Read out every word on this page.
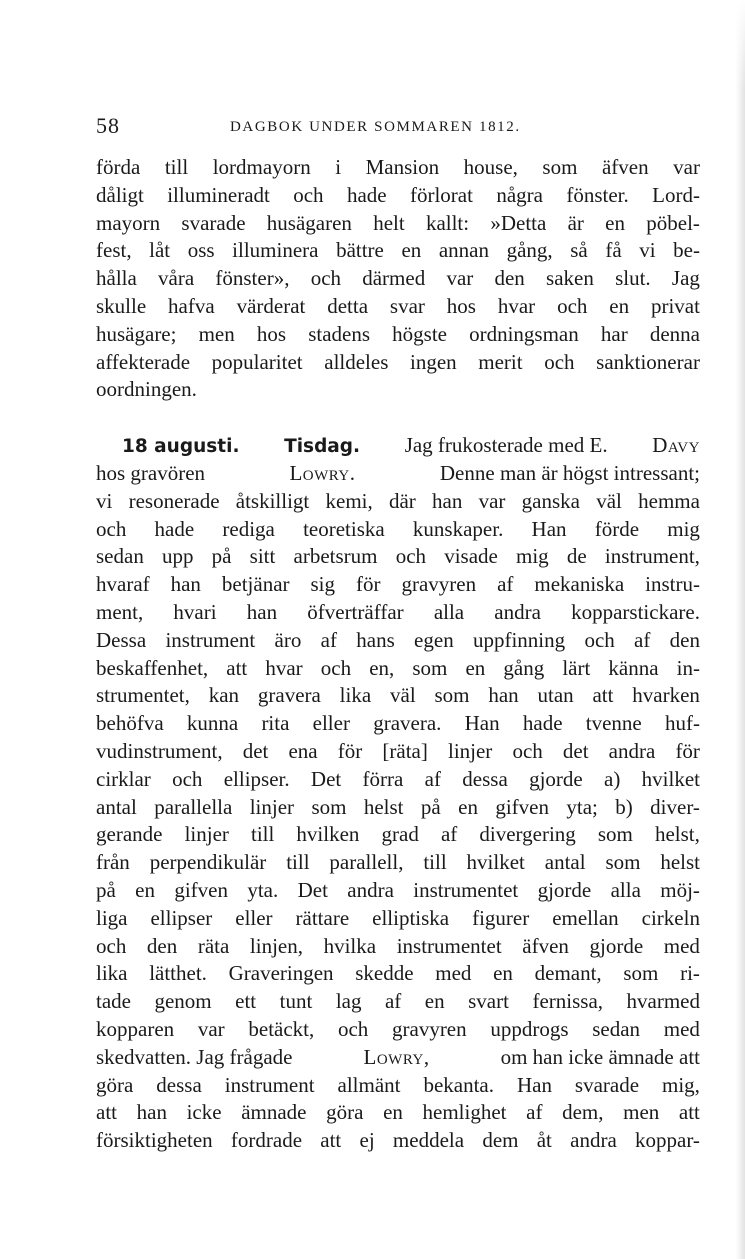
58	DAGBOK UNDER SOMMAREN 1812.
förda till lordmayorn i Mansion house, som äfven var
dåligt illumineradt och hade förlorat några fönster. Lord-
mayorn svarade husägaren helt kallt: »Detta är en pöbel-
fest, låt oss illuminera bättre en annan gång, så få vi be-
hålla våra fönster», och därmed var den saken slut. Jag
skulle hafva värderat detta svar hos hvar och en privat
husägare; men hos stadens högste ordningsman har denna
affekterade popularitet alldeles ingen merit och sanktionerar
oordningen.
18 augusti. Tisdag. Jag frukosterade med E. Davy
hos gravören	Lowry.	Denne man är högst intressant;
vi resonerade åtskilligt kemi, där han var ganska väl hemma
och hade rediga teoretiska kunskaper. Han förde mig
sedan upp på sitt arbetsrum och visade mig de instrument,
hvaraf han betjänar sig för gravyren af mekaniska instru-
ment, hvari han öfverträffar alla andra kopparstickare.
Dessa instrument äro af hans egen uppfinning och af den
beskaffenhet, att hvar och en, som en gång lärt känna in-
strumentet, kan gravera lika väl som han utan att hvarken
behöfva kunna rita eller gravera. Han hade tvenne huf-
vudinstrument, det ena för [räta] linjer och det andra för
cirklar och ellipser. Det förra af dessa gjorde a) hvilket
antal parallella linjer som helst på en gifven yta; b) diver-
gerande linjer till hvilken grad af divergering som helst,
från perpendikulär till parallell, till hvilket antal som helst
på en gifven yta. Det andra instrumentet gjorde alla möj-
liga ellipser eller rättare elliptiska figurer emellan cirkeln
och den räta linjen, hvilka instrumentet äfven gjorde med
lika lätthet. Graveringen skedde med en demant, som ri-
tade genom ett tunt lag af en svart fernissa, hvarmed
kopparen var betäckt, och gravyren uppdrogs sedan med
skedvatten. Jag frågade	Lowry,	om han icke ämnade att
göra dessa instrument allmänt bekanta. Han svarade mig,
att han icke ämnade göra en hemlighet af dem, men att
försiktigheten fordrade att ej meddela dem åt andra koppar-
